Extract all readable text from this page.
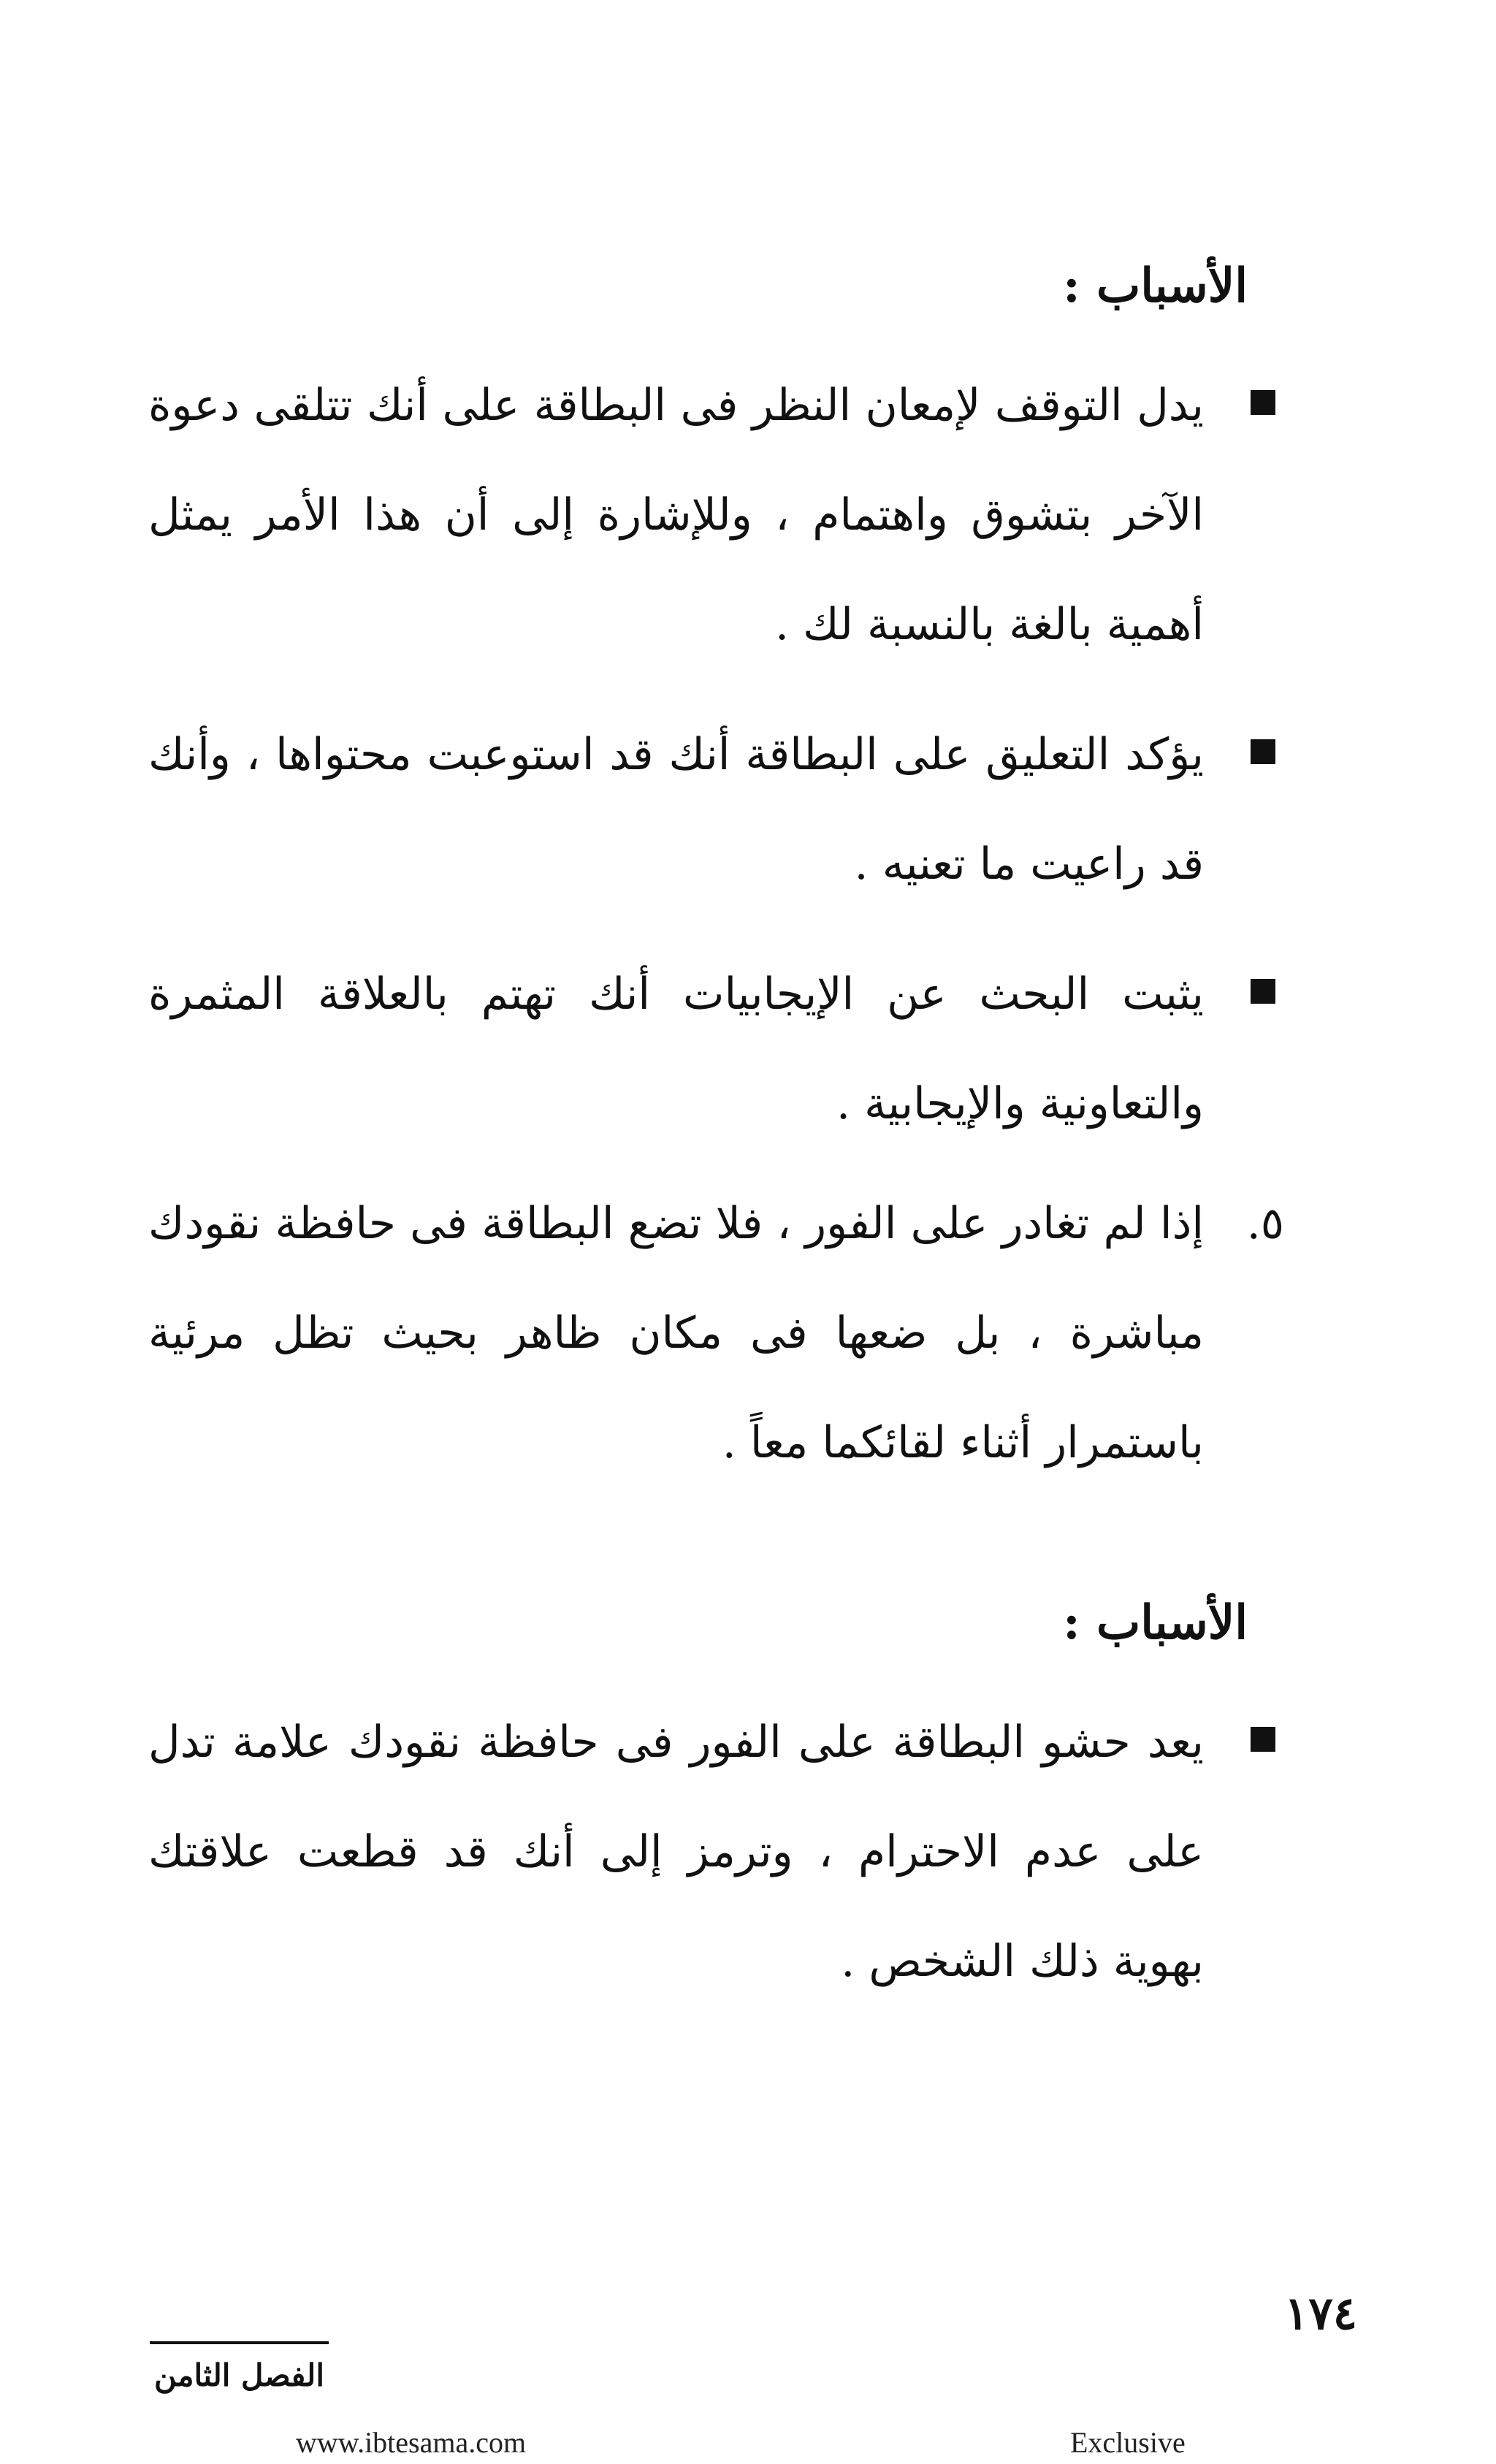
الأسباب :

يدل التوقف لإمعان النظر فى البطاقة على أنك تتلقى دعوة الآخر بتشوق واهتمام ، وللإشارة إلى أن هذا الأمر يمثل أهمية بالغة بالنسبة لك .

يؤكد التعليق على البطاقة أنك قد استوعبت محتواها ، وأنك قد راعيت ما تعنيه .

يثبت البحث عن الإيجابيات أنك تهتم بالعلاقة المثمرة والتعاونية والإيجابية .

٥.
إذا لم تغادر على الفور ، فلا تضع البطاقة فى حافظة نقودك مباشرة ، بل ضعها فى مكان ظاهر بحيث تظل مرئية باستمرار أثناء لقائكما معاً .

الأسباب :

يعد حشو البطاقة على الفور فى حافظة نقودك علامة تدل على عدم الاحترام ، وترمز إلى أنك قد قطعت علاقتك بهوية ذلك الشخص .

الفصل الثامن
١٧٤
www.ibtesama.com	Exclusive
